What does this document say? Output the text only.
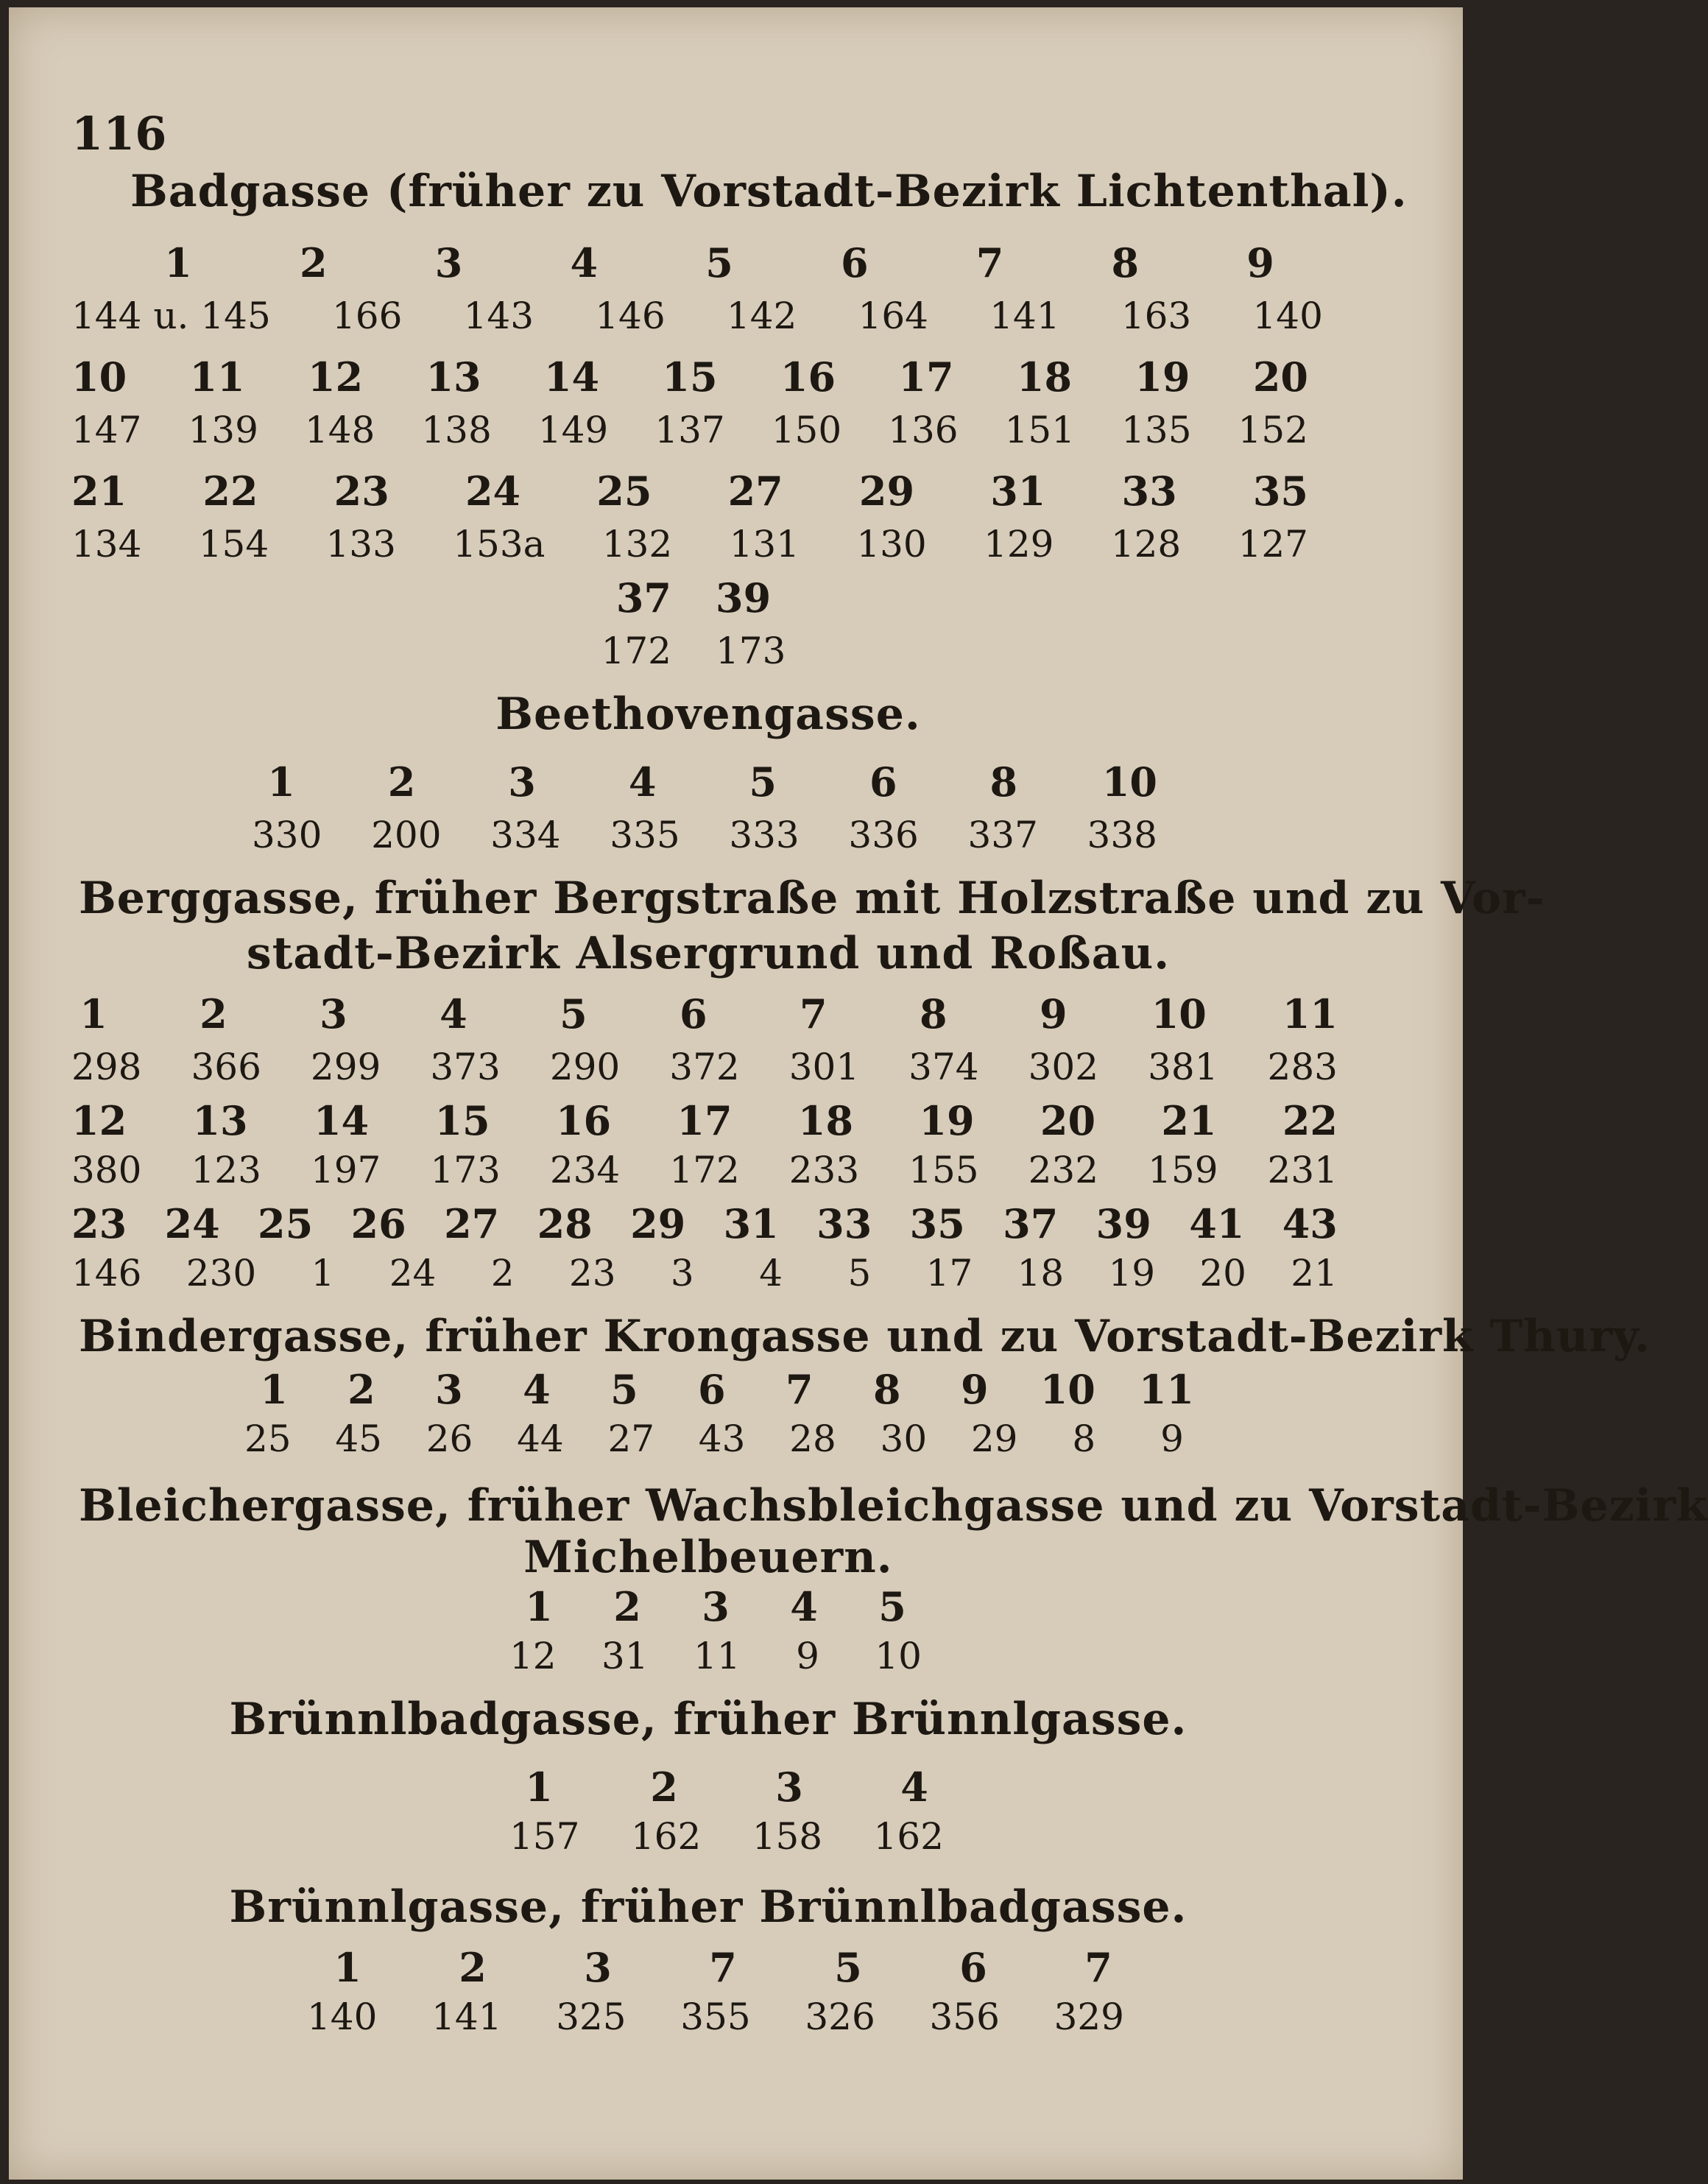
116
Badgasse (früher zu Vorstadt-Bezirk Lichtenthal).
1	2	3	4	5	6	7	8	9
144 u. 145 166 143 146 142 164 141 163 140
10 11 12 13 14 15 16 17 18 19 20
147 139 148 138 149 137 150 136 151 135 152
21 22 23 24 25 27 29 31 33 35
134 154 133 153a 132 131 130 129 128 127
37 39
172 173
Beethovengasse.
1 2 3 4 5 6 8 10
330 200 334 335 333 336 337 338
Berggasse, früher Bergstraße mit Holzstraße und zu Vor-
stadt-Bezirk Alsergrund und Roßau.
1 2 3 4 5 6 7 8 9 10 11
298 366 299 373 290 372 301 374 302 381 283
12 13 14 15 16 17 18 19 20 21 22
380 123 197 173 234 172 233 155 232 159 231
23 24 25 26 27 28 29 31 33 35 37 39 41 43
146 230 1 24 2 23 3 4 5 17 18 19 20 21
Bindergasse, früher Krongasse und zu Vorstadt-Bezirk Thury.
1 2 3 4 5 6 7 8 9 10 11
25 45 26 44 27 43 28 30 29 8 9
Bleichergasse, früher Wachsbleichgasse und zu Vorstadt-Bezirk
Michelbeuern.
1 2 3 4 5
12 31 11 9 10
Brünnlbadgasse, früher Brünnlgasse.
1 2 3 4
157 162 158 162
Brünnlgasse, früher Brünnlbadgasse.
1 2 3 7 5 6 7
140 141 325 355 326 356 329
